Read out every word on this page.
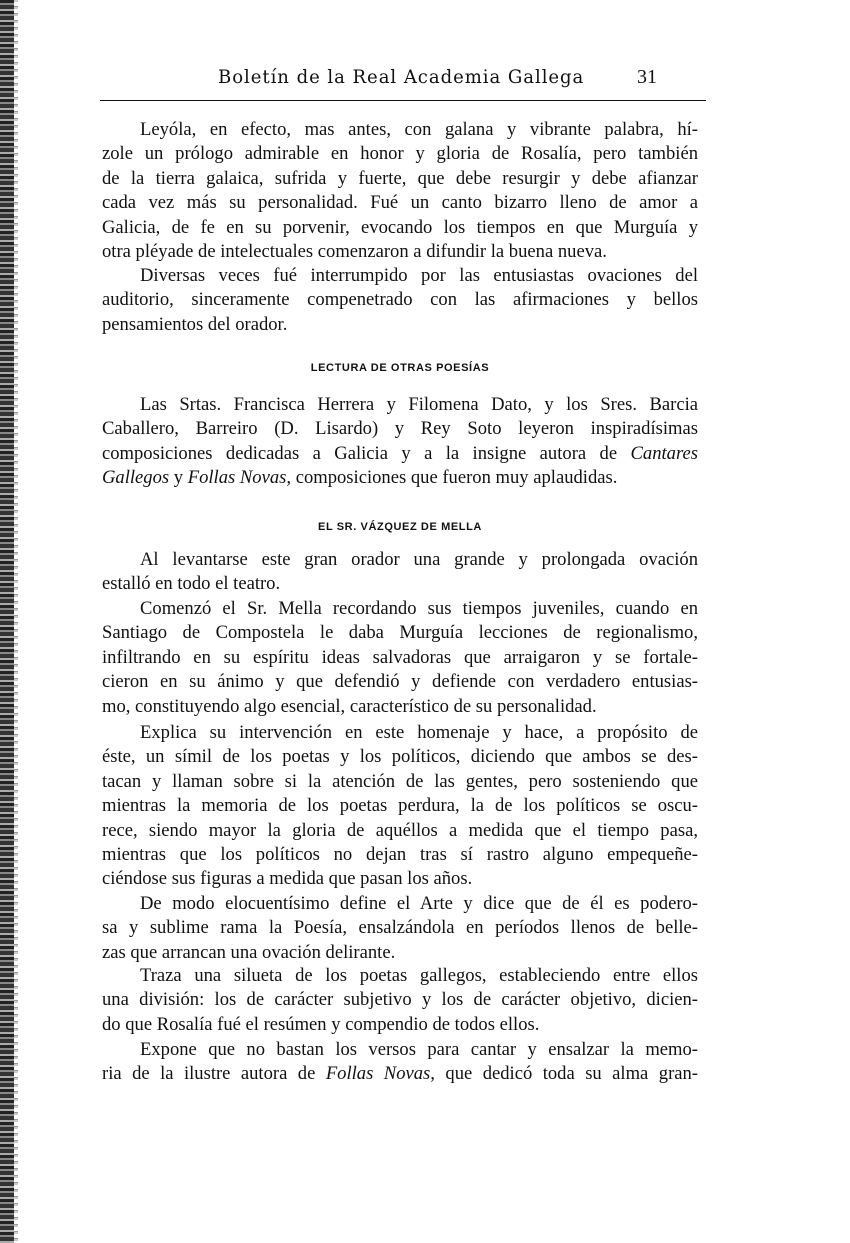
Boletín de la Real Academia Gallega	31
Leyóla, en efecto, mas antes, con galana y vibrante palabra, hí-
zole un prólogo admirable en honor y gloria de Rosalía, pero también
de la tierra galaica, sufrida y fuerte, que debe resurgir y debe afianzar
cada vez más su personalidad. Fué un canto bizarro lleno de amor a
Galicia, de fe en su porvenir, evocando los tiempos en que Murguía y
otra pléyade de intelectuales comenzaron a difundir la buena nueva.
Diversas veces fué interrumpido por las entusiastas ovaciones del
auditorio, sinceramente compenetrado con las afirmaciones y bellos
pensamientos del orador.
LECTURA DE OTRAS POESÍAS
Las Srtas. Francisca Herrera y Filomena Dato, y los Sres. Barcia
Caballero, Barreiro (D. Lisardo) y Rey Soto leyeron inspiradísimas
composiciones dedicadas a Galicia y a la insigne autora de Cantares
Gallegos y Follas Novas, composiciones que fueron muy aplaudidas.
EL SR. VÁZQUEZ DE MELLA
Al levantarse este gran orador una grande y prolongada ovación
estalló en todo el teatro.
Comenzó el Sr. Mella recordando sus tiempos juveniles, cuando en
Santiago de Compostela le daba Murguía lecciones de regionalismo,
infiltrando en su espíritu ideas salvadoras que arraigaron y se fortale-
cieron en su ánimo y que defendió y defiende con verdadero entusias-
mo, constituyendo algo esencial, característico de su personalidad.
Explica su intervención en este homenaje y hace, a propósito de
éste, un símil de los poetas y los políticos, diciendo que ambos se des-
tacan y llaman sobre si la atención de las gentes, pero sosteniendo que
mientras la memoria de los poetas perdura, la de los políticos se oscu-
rece, siendo mayor la gloria de aquéllos a medida que el tiempo pasa,
mientras que los políticos no dejan tras sí rastro alguno empequeñe-
ciéndose sus figuras a medida que pasan los años.
De modo elocuentísimo define el Arte y dice que de él es podero-
sa y sublime rama la Poesía, ensalzándola en períodos llenos de belle-
zas que arrancan una ovación delirante.
Traza una silueta de los poetas gallegos, estableciendo entre ellos
una división: los de carácter subjetivo y los de carácter objetivo, dicien-
do que Rosalía fué el resúmen y compendio de todos ellos.
Expone que no bastan los versos para cantar y ensalzar la memo-
ria de la ilustre autora de Follas Novas, que dedicó toda su alma gran-
